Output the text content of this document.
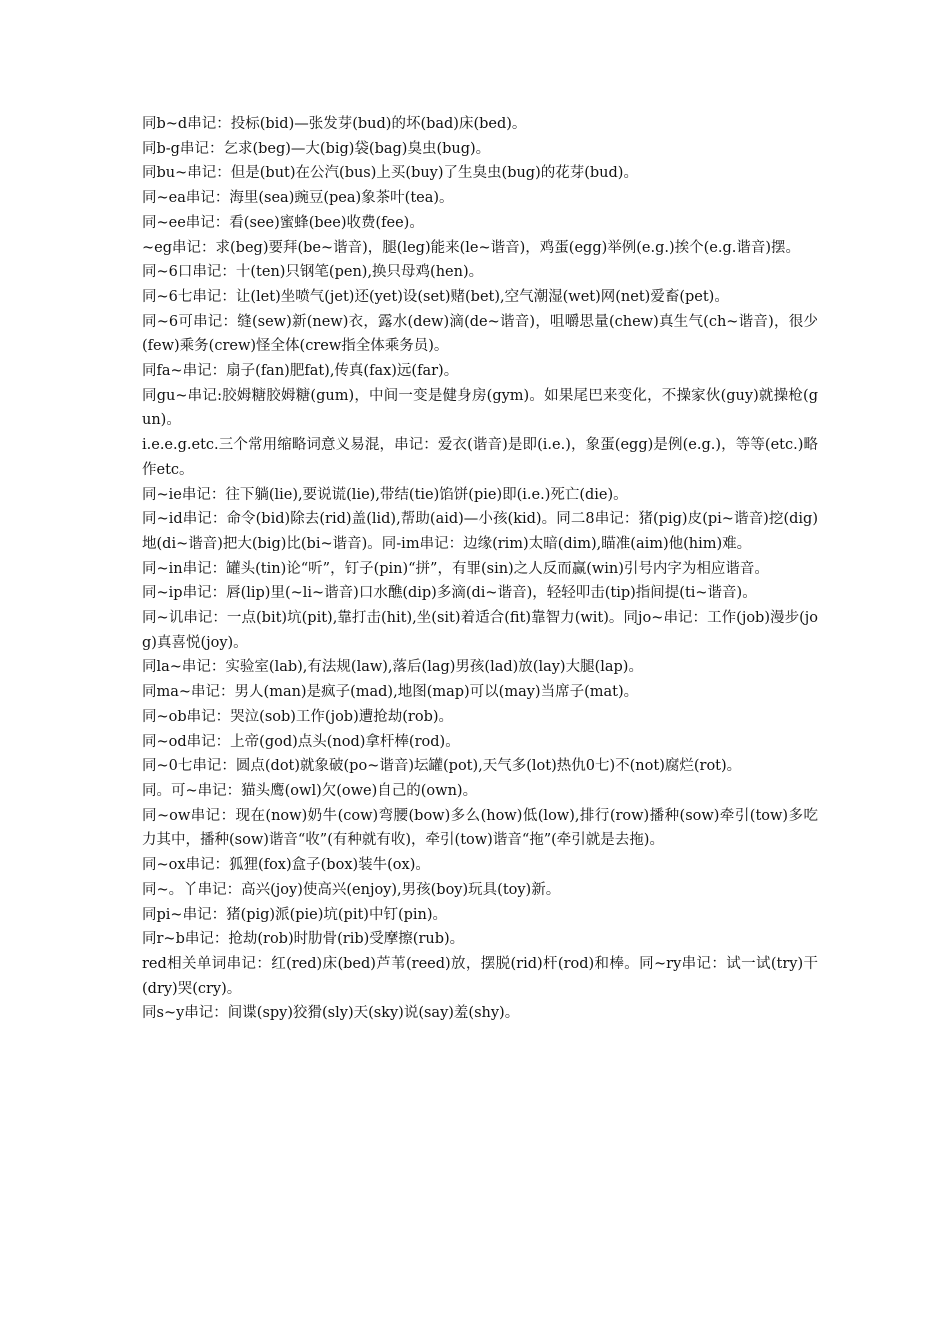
同b~d串记：投标(bid)—张发芽(bud)的坏(bad)床(bed)。

同b-g串记：乞求(beg)—大(big)袋(bag)臭虫(bug)。

同bu~串记：但是(but)在公汽(bus)上买(buy)了生臭虫(bug)的花芽(bud)。

同~ea串记：海里(sea)豌豆(pea)象茶叶(tea)。

同~ee串记：看(see)蜜蜂(bee)收费(fee)。

~eg串记：求(beg)要拜(be~谐音)，腿(leg)能来(le~谐音)，鸡蛋(egg)举例(e.g.)挨个(e.g.谐音)摆。

同~6口串记：十(ten)只钢笔(pen),换只母鸡(hen)。

同~6七串记：让(let)坐喷气(jet)还(yet)设(set)赌(bet),空气潮湿(wet)网(net)爱畜(pet)。

同~6可串记：缝(sew)新(new)衣，露水(dew)滴(de~谐音)，咀嚼思量(chew)真生气(ch~谐音)，很少(few)乘务(crew)怪全体(crew指全体乘务员)。

同fa~串记：扇子(fan)肥fat),传真(fax)远(far)。

同gu~串记:胶姆糖胶姆糖(gum)，中间一变是健身房(gym)。如果尾巴来变化，不操家伙(guy)就操枪(gun)。

i.e.e.g.etc.三个常用缩略词意义易混，串记：爱衣(谐音)是即(i.e.)，象蛋(egg)是例(e.g.)，等等(etc.)略作etc。

同~ie串记：往下躺(lie),要说谎(lie),带结(tie)馅饼(pie)即(i.e.)死亡(die)。

同~id串记：命令(bid)除去(rid)盖(lid),帮助(aid)—小孩(kid)。同二8串记：猪(pig)皮(pi~谐音)挖(dig)地(di~谐音)把大(big)比(bi~谐音)。同-im串记：边缘(rim)太暗(dim),瞄准(aim)他(him)难。

同~in串记：罐头(tin)论“听”，钉子(pin)“拼”，有罪(sin)之人反而赢(win)引号内字为相应谐音。

同~ip串记：唇(lip)里(~li~谐音)口水醮(dip)多滴(di~谐音)，轻轻叩击(tip)指间提(ti~谐音)。

同~讥串记：一点(bit)坑(pit),靠打击(hit),坐(sit)着适合(fit)靠智力(wit)。同jo~串记：工作(job)漫步(jog)真喜悦(joy)。

同la~串记：实验室(lab),有法规(law),落后(lag)男孩(lad)放(lay)大腿(lap)。

同ma~串记：男人(man)是疯子(mad),地图(map)可以(may)当席子(mat)。

同~ob串记：哭泣(sob)工作(job)遭抢劫(rob)。

同~od串记：上帝(god)点头(nod)拿杆棒(rod)。

同~0七串记：圆点(dot)就象破(po~谐音)坛罐(pot),天气多(lot)热仇0七)不(not)腐烂(rot)。

同。可~串记：猫头鹰(owl)欠(owe)自己的(own)。

同~ow串记：现在(now)奶牛(cow)弯腰(bow)多么(how)低(low),排行(row)播种(sow)牵引(tow)多吃力其中，播种(sow)谐音“收”(有种就有收)，牵引(tow)谐音“拖”(牵引就是去拖)。

同~ox串记：狐狸(fox)盒子(box)装牛(ox)。

同~。丫串记：高兴(joy)使高兴(enjoy),男孩(boy)玩具(toy)新。

同pi~串记：猪(pig)派(pie)坑(pit)中钉(pin)。

同r~b串记：抢劫(rob)时肋骨(rib)受摩擦(rub)。

red相关单词串记：红(red)床(bed)芦苇(reed)放，摆脱(rid)杆(rod)和棒。同~ry串记：试一试(try)干(dry)哭(cry)。

同s~y串记：间谍(spy)狡猾(sly)天(sky)说(say)羞(shy)。
